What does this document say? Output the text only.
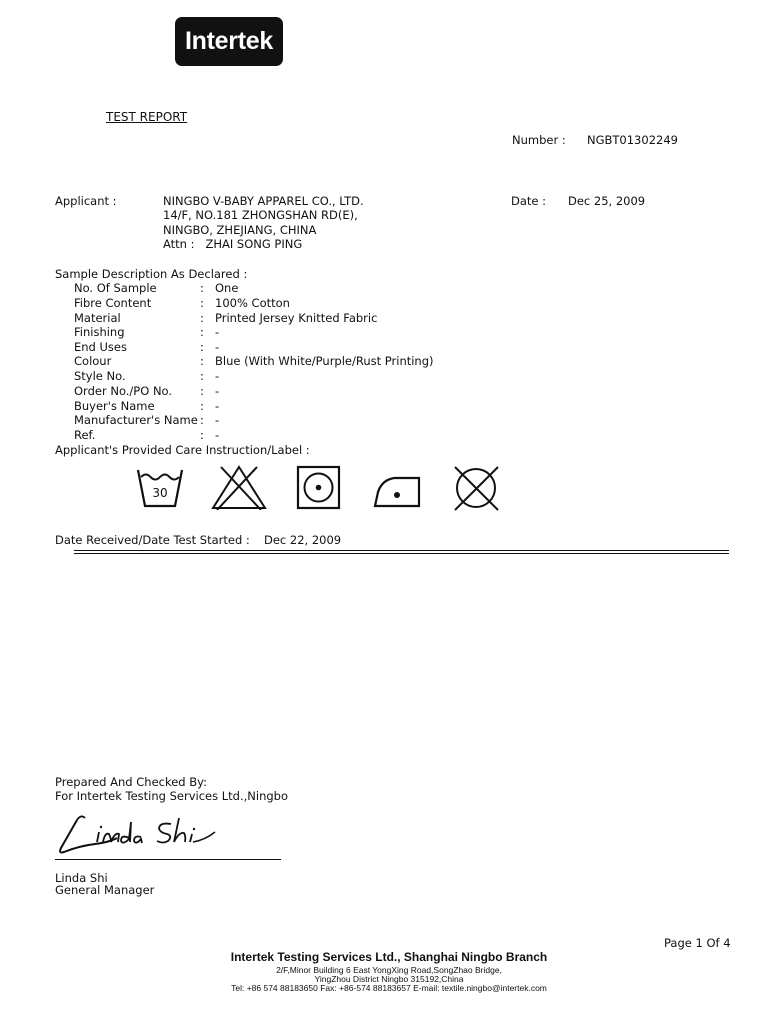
Intertek
TEST REPORT
Number : NGBT01302249
Applicant :	NINGBO V-BABY APPAREL CO., LTD.
14/F, NO.181 ZHONGSHAN RD(E),
NINGBO, ZHEJIANG, CHINA
Attn :   ZHAI SONG PING
Date : Dec 25, 2009
Sample Description As Declared :
No. Of Sample	: One
Fibre Content	: 100% Cotton
Material	: Printed Jersey Knitted Fabric
Finishing	: -
End Uses	: -
Colour	: Blue (With White/Purple/Rust Printing)
Style No.	: -
Order No./PO No. : -
Buyer's Name	: -
Manufacturer's Name : -
Ref.	: -
Applicant's Provided Care Instruction/Label :
30
Date Received/Date Test Started : Dec 22, 2009
Prepared And Checked By:
For Intertek Testing Services Ltd.,Ningbo
Linda Shi
General Manager
Page 1 Of 4
Intertek Testing Services Ltd., Shanghai Ningbo Branch
2/F,Minor Building 6 East YongXing Road,SongZhao Bridge,
YingZhou District Ningbo 315192,China
Tel: +86 574 88183650 Fax: +86-574 88183657 E-mail: textile.ningbo@intertek.com
